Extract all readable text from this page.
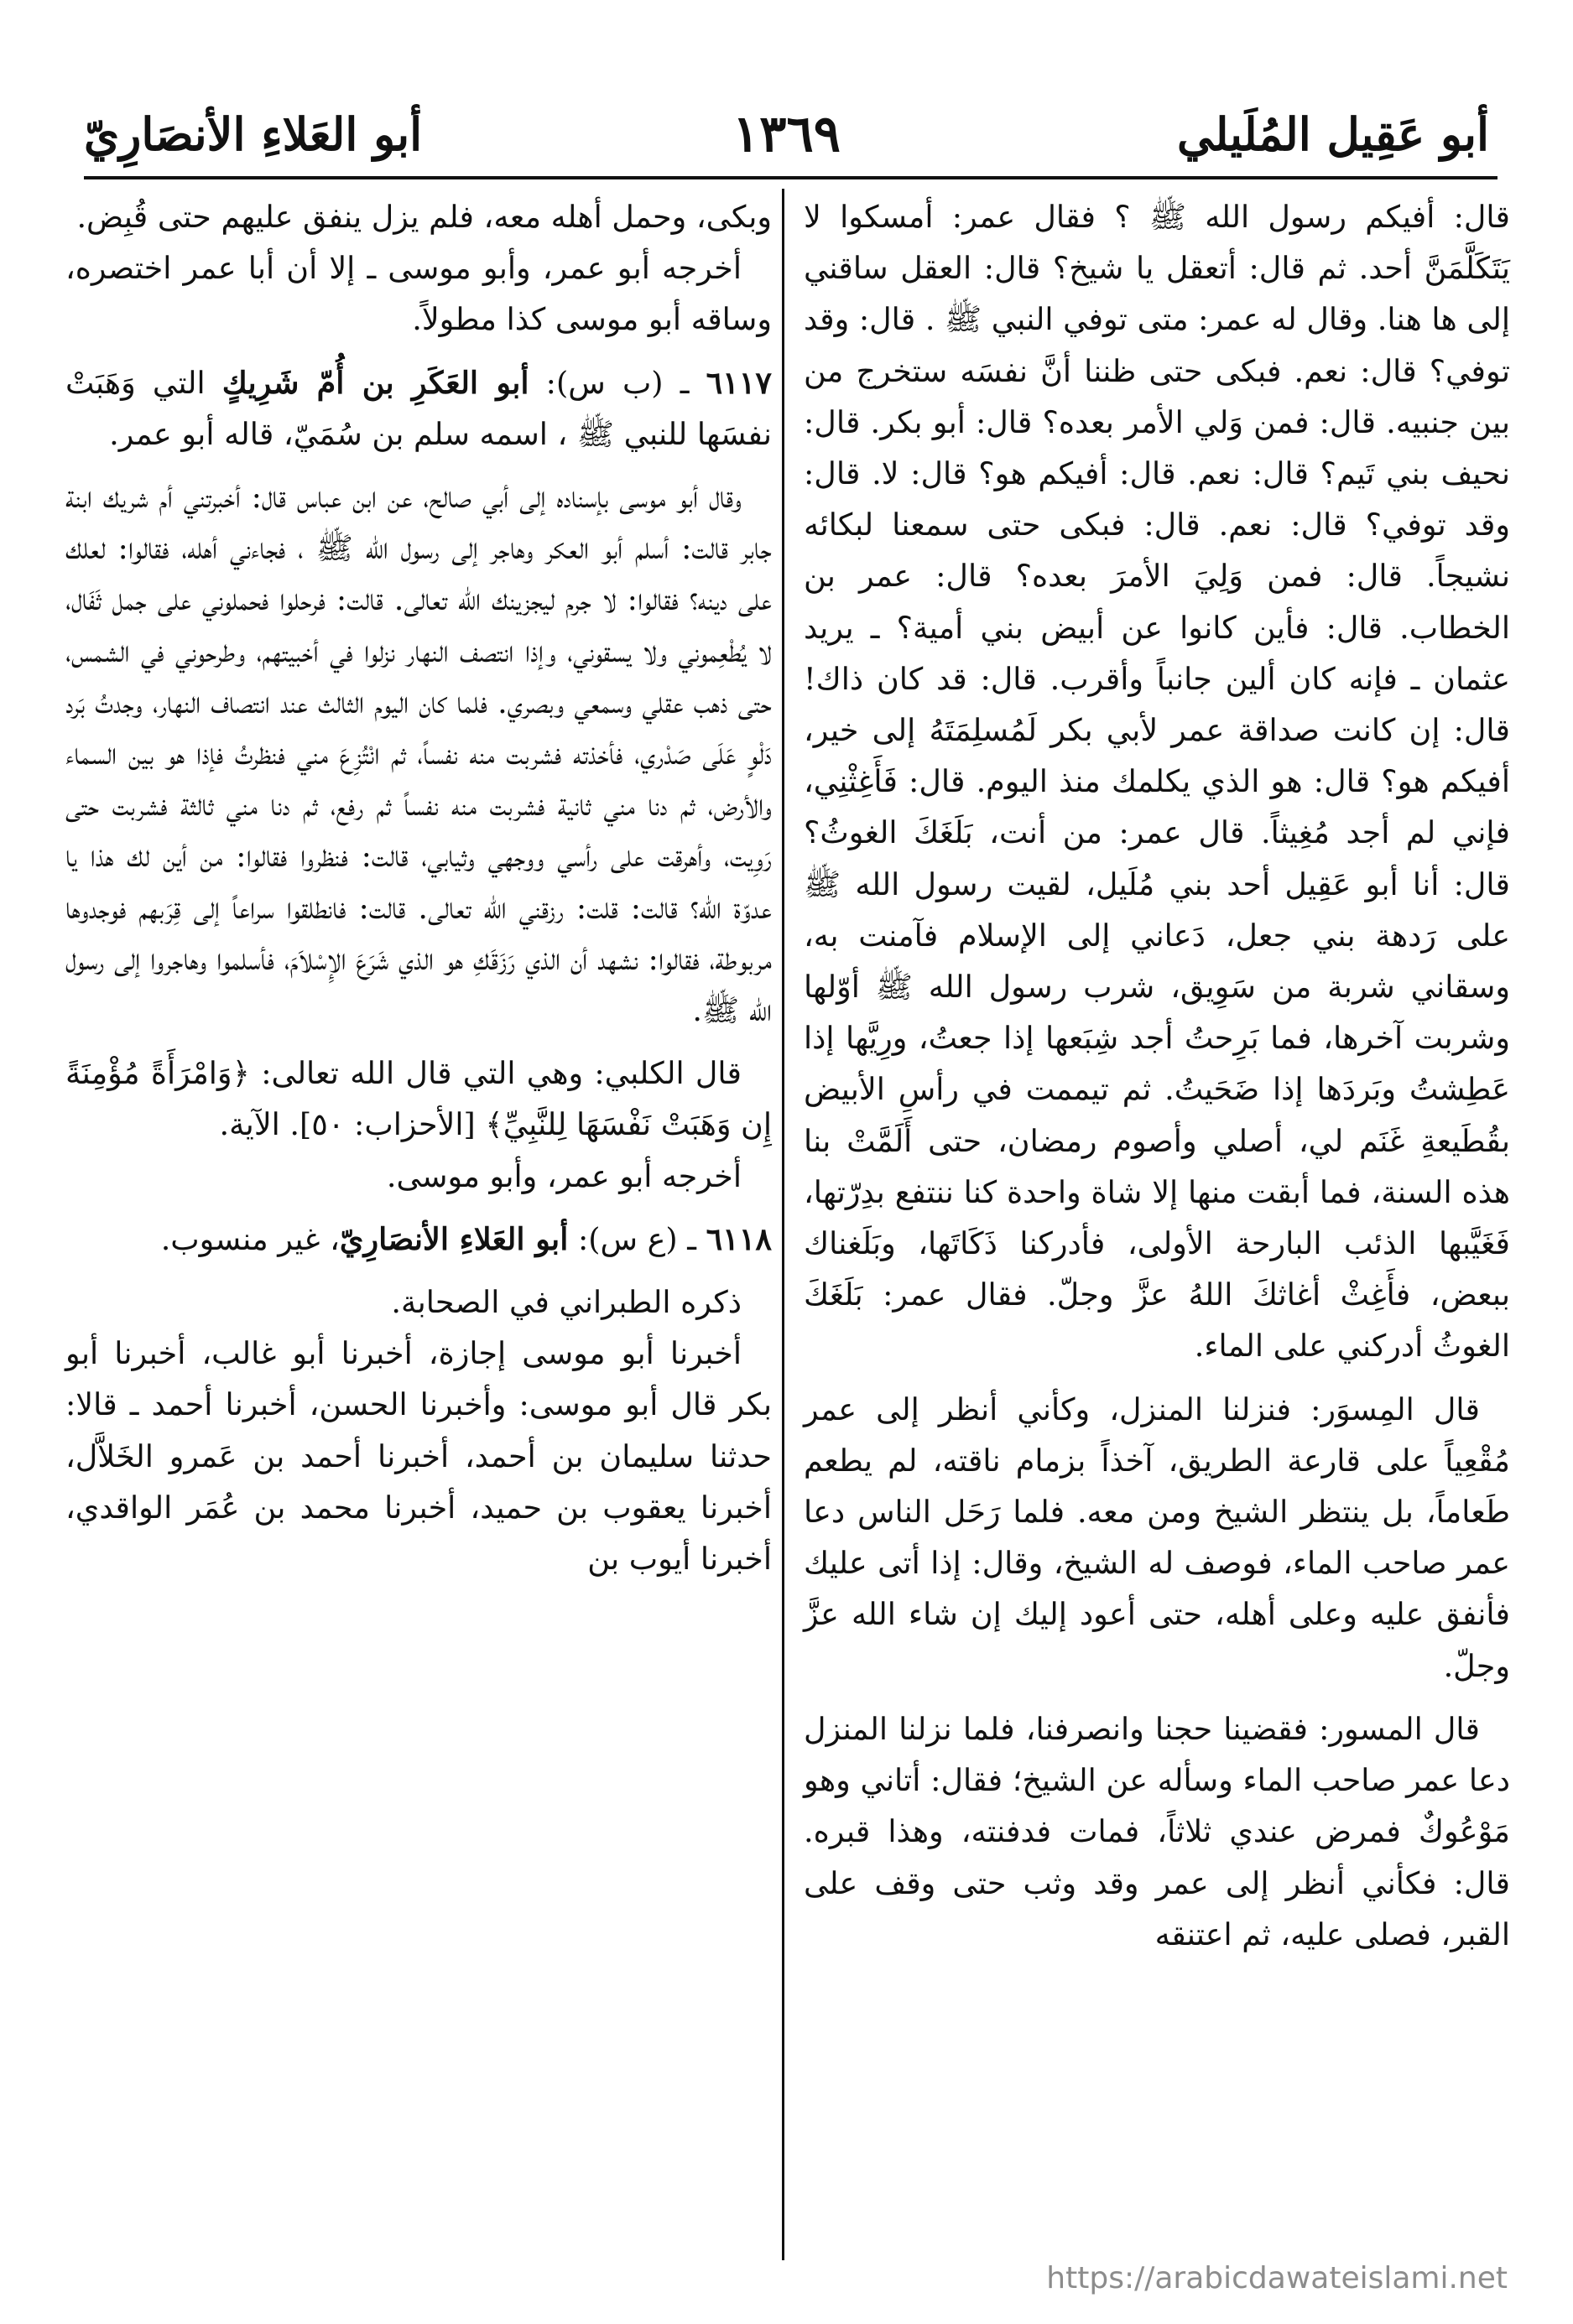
أبو عَقِيل المُلَيلي
١٣٦٩
أبو العَلاءِ الأنصَارِيّ

قال: أفيكم رسول الله ﷺ ؟ فقال عمر: أمسكوا لا يَتَكَلَّمَنَّ أحد. ثم قال: أتعقل يا شيخ؟ قال: العقل ساقني إلى ها هنا. وقال له عمر: متى توفي النبي ﷺ . قال: وقد توفي؟ قال: نعم. فبكى حتى ظننا أنَّ نفسَه ستخرج من بين جنبيه. قال: فمن وَلي الأمر بعده؟ قال: أبو بكر. قال: نحيف بني تَيم؟ قال: نعم. قال: أفيكم هو؟ قال: لا. قال: وقد توفي؟ قال: نعم. قال: فبكى حتى سمعنا لبكائه نشيجاً. قال: فمن وَلِيَ الأمرَ بعده؟ قال: عمر بن الخطاب. قال: فأين كانوا عن أبيض بني أمية؟ ـ يريد عثمان ـ فإنه كان ألين جانباً وأقرب. قال: قد كان ذاك! قال: إن كانت صداقة عمر لأبي بكر لَمُسلِمَتَهُ إلى خير، أفيكم هو؟ قال: هو الذي يكلمك منذ اليوم. قال: فَأَغِثْنِي، فإني لم أجد مُغِيثاً. قال عمر: من أنت، بَلَغَكَ الغوثُ؟ قال: أنا أبو عَقِيل أحد بني مُلَيل، لقيت رسول الله ﷺ على رَدهة بني جعل، دَعاني إلى الإسلام فآمنت به، وسقاني شربة من سَوِيق، شرب رسول الله ﷺ أوّلها وشربت آخرها، فما بَرِحتُ أجد شِبَعها إذا جعتُ، ورِيَّها إذا عَطِشتُ وبَردَها إذا ضَحَيتُ. ثم تيممت في رأسِ الأبيض بقُطَيعةِ غَنَم لي، أصلي وأصوم رمضان، حتى أَلَمَّتْ بنا هذه السنة، فما أبقت منها إلا شاة واحدة كنا ننتفع بدِرّتها، فَغَيَّبها الذئب البارحة الأولى، فأدركنا ذَكَاتَها، وبَلَغناك ببعض، فأَغِثْ أغاثكَ اللهُ عزَّ وجلّ. فقال عمر: بَلَغَكَ الغوثُ أدركني على الماء.

قال المِسوَر: فنزلنا المنزل، وكأني أنظر إلى عمر مُقْعِياً على قارعة الطريق، آخذاً بزمام ناقته، لم يطعم طَعاماً، بل ينتظر الشيخ ومن معه. فلما رَحَل الناس دعا عمر صاحب الماء، فوصف له الشيخ، وقال: إذا أتى عليك فأنفق عليه وعلى أهله، حتى أعود إليك إن شاء الله عزَّ وجلّ.

قال المسور: فقضينا حجنا وانصرفنا، فلما نزلنا المنزل دعا عمر صاحب الماء وسأله عن الشيخ؛ فقال: أتاني وهو مَوْعُوكٌ فمرض عندي ثلاثاً، فمات فدفنته، وهذا قبره. قال: فكأني أنظر إلى عمر وقد وثب حتى وقف على القبر، فصلى عليه، ثم اعتنقه

وبكى، وحمل أهله معه، فلم يزل ينفق عليهم حتى قُبِض.

أخرجه أبو عمر، وأبو موسى ـ إلا أن أبا عمر اختصره، وساقه أبو موسى كذا مطولاً.

٦١١٧ ـ (ب س): أبو العَكَرِ بن أُمّ شَرِيكٍ التي وَهَبَتْ نفسَها للنبي ﷺ ، اسمه سلم بن سُمَيّ، قاله أبو عمر.

وقال أبو موسى بإسناده إلى أبي صالح، عن ابن عباس قال: أخبرتني أم شريك ابنة جابر قالت: أسلم أبو العكر وهاجر إلى رسول الله ﷺ ، فجاءني أهله، فقالوا: لعلك على دينه؟ فقالوا: لا جرم ليجزينك الله تعالى. قالت: فرحلوا فحملوني على جمل ثَفَال، لا يُطْعِموني ولا يسقوني، وإذا انتصف النهار نزلوا في أخبيتهم، وطرحوني في الشمس، حتى ذهب عقلي وسمعي وبصري. فلما كان اليوم الثالث عند انتصاف النهار، وجدتُ بَرد دَلْوٍ عَلَى صَدْري، فأخذته فشربت منه نفساً، ثم انْتُزِعَ مني فنظرتُ فإذا هو بين السماء والأرض، ثم دنا مني ثانية فشربت منه نفساً ثم رفع، ثم دنا مني ثالثة فشربت حتى رَوِيت، وأهرقت على رأسي ووجهي وثيابي، قالت: فنظروا فقالوا: من أين لك هذا يا عدوّة الله؟ قالت: قلت: رزقني الله تعالى. قالت: فانطلقوا سراعاً إلى قِرَبهم فوجدوها مربوطة، فقالوا: نشهد أن الذي رَزَقَكِ هو الذي شَرَعَ الإِسْلاَمَ، فأسلموا وهاجروا إلى رسول الله ﷺ.

قال الكلبي: وهي التي قال الله تعالى: ﴿وَامْرَأَةً مُؤْمِنَةً إِن وَهَبَتْ نَفْسَهَا لِلنَّبِيِّ﴾ [الأحزاب: ٥٠]. الآية.

أخرجه أبو عمر، وأبو موسى.

٦١١٨ ـ (ع س): أبو العَلاءِ الأنصَارِيّ، غير منسوب.

ذكره الطبراني في الصحابة.

أخبرنا أبو موسى إجازة، أخبرنا أبو غالب، أخبرنا أبو بكر قال أبو موسى: وأخبرنا الحسن، أخبرنا أحمد ـ قالا: حدثنا سليمان بن أحمد، أخبرنا أحمد بن عَمرو الخَلاَّل، أخبرنا يعقوب بن حميد، أخبرنا محمد بن عُمَر الواقدي، أخبرنا أيوب بن

https://arabicdawateislami.net
